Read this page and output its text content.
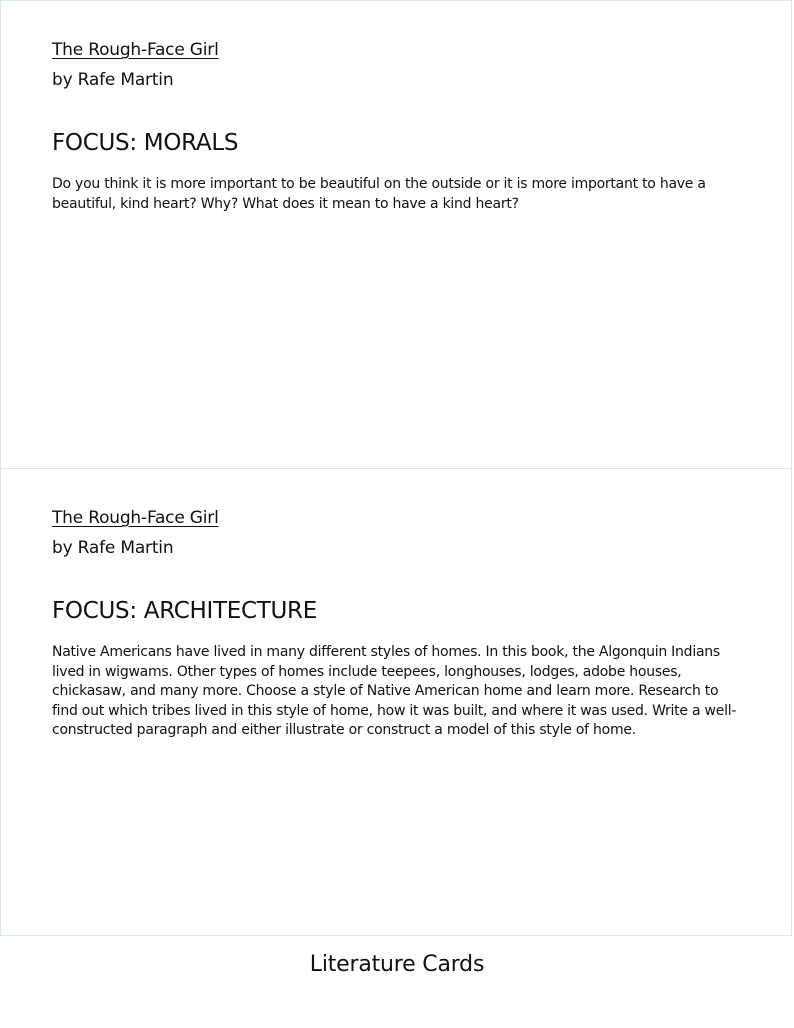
The Rough-Face Girl

by Rafe Martin

FOCUS: MORALS

Do you think it is more important to be beautiful on the outside or it is more important to have a beautiful, kind heart? Why? What does it mean to have a kind heart?

The Rough-Face Girl

by Rafe Martin

FOCUS: ARCHITECTURE

Native Americans have lived in many different styles of homes. In this book, the Algonquin Indians lived in wigwams. Other types of homes include teepees, longhouses, lodges, adobe houses, chickasaw, and many more. Choose a style of Native American home and learn more. Research to find out which tribes lived in this style of home, how it was built, and where it was used. Write a well-constructed paragraph and either illustrate or construct a model of this style of home.

Literature Cards
